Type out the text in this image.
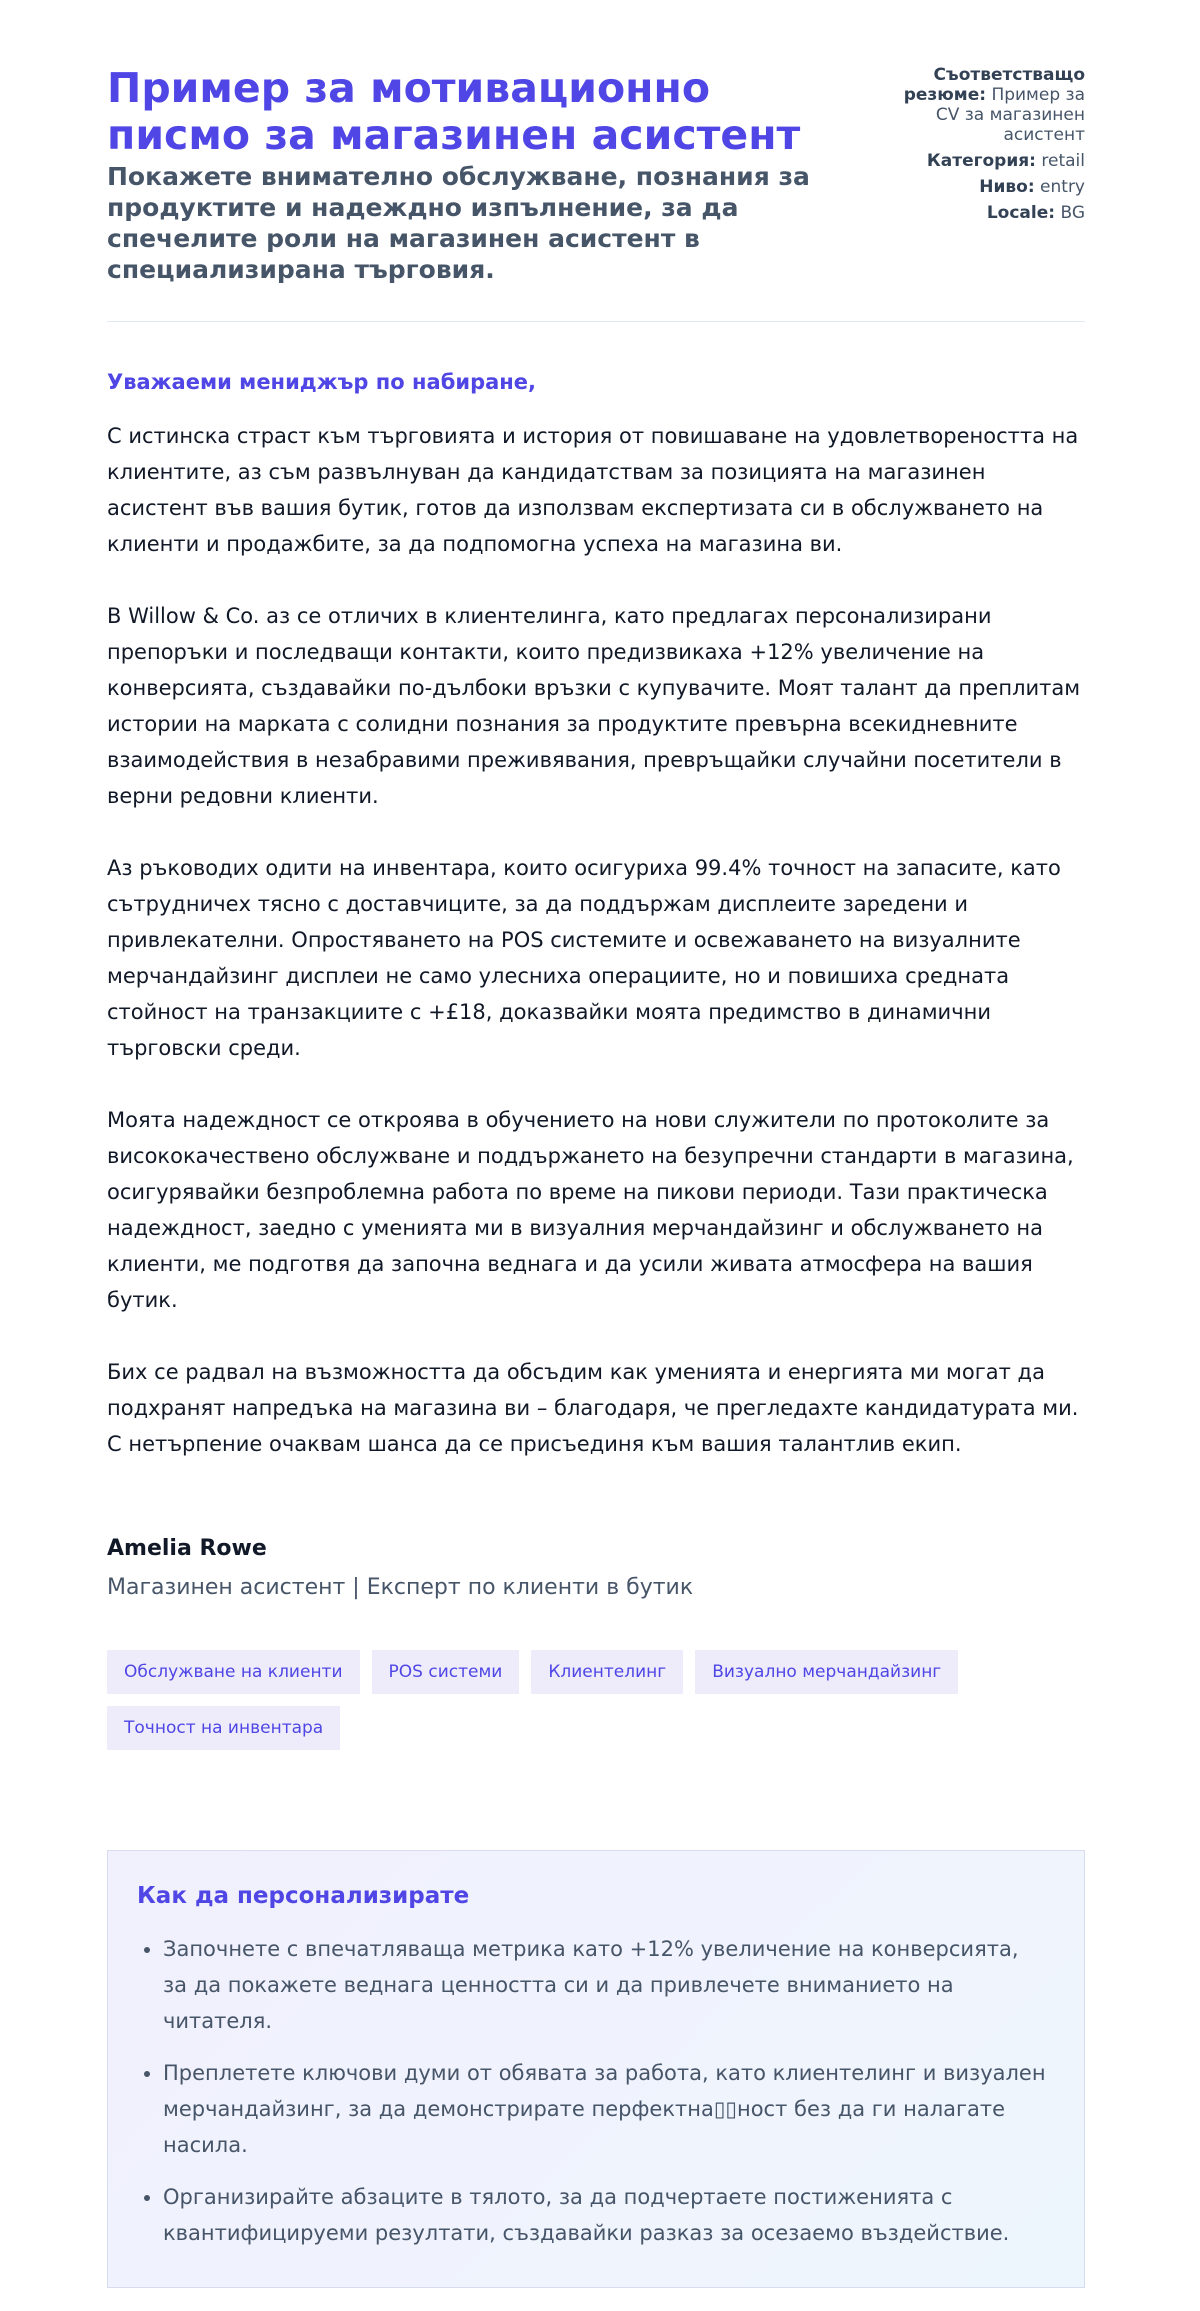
Пример за мотивационно писмо за магазинен асистент

Покажете внимателно обслужване, познания за продуктите и надеждно изпълнение, за да спечелите роли на магазинен асистент в специализирана търговия.

Съответстващо резюме: Пример за CV за магазинен асистент
Категория: retail
Ниво: entry
Locale: BG
Уважаеми мениджър по набиране,

С истинска страст към търговията и история от повишаване на удовлетвореността на клиентите, аз съм развълнуван да кандидатствам за позицията на магазинен асистент във вашия бутик, готов да използвам експертизата си в обслужването на клиенти и продажбите, за да подпомогна успеха на магазина ви.

В Willow & Co. аз се отличих в клиентелинга, като предлагах персонализирани препоръки и последващи контакти, които предизвикаха +12% увеличение на конверсията, създавайки по-дълбоки връзки с купувачите. Моят талант да преплитам истории на марката с солидни познания за продуктите превърна всекидневните взаимодействия в незабравими преживявания, превръщайки случайни посетители в верни редовни клиенти.

Аз ръководих одити на инвентара, които осигуриха 99.4% точност на запасите, като сътрудничех тясно с доставчиците, за да поддържам дисплеите заредени и привлекателни. Опростяването на POS системите и освежаването на визуалните мерчандайзинг дисплеи не само улесниха операциите, но и повишиха средната стойност на транзакциите с +£18, доказвайки моята предимство в динамични търговски среди.

Моята надеждност се откроява в обучението на нови служители по протоколите за висококачествено обслужване и поддържането на безупречни стандарти в магазина, осигурявайки безпроблемна работа по време на пикови периоди. Тази практическа надеждност, заедно с уменията ми в визуалния мерчандайзинг и обслужването на клиенти, ме подготвя да започна веднага и да усили живата атмосфера на вашия бутик.

Бих се радвал на възможността да обсъдим как уменията и енергията ми могат да подхранят напредъка на магазина ви – благодаря, че прегледахте кандидатурата ми. С нетърпение очаквам шанса да се присъединя към вашия талантлив екип.

Amelia Rowe
Магазинен асистент | Експерт по клиенти в бутик
Обслужване на клиенти	POS системи	Клиентелинг	Визуално мерчандайзинг
Точност на инвентара
Как да персонализирате
• Започнете с впечатляваща метрика като +12% увеличение на конверсията, за да покажете веднага ценността си и да привлечете вниманието на читателя.
• Преплетете ключови думи от обявата за работа, като клиентелинг и визуален мерчандайзинг, за да демонстрирате перфектна▯▯ност без да ги налагате насила.
• Организирайте абзаците в тялото, за да подчертаете постиженията с квантифицируеми резултати, създавайки разказ за осезаемо въздействие.
